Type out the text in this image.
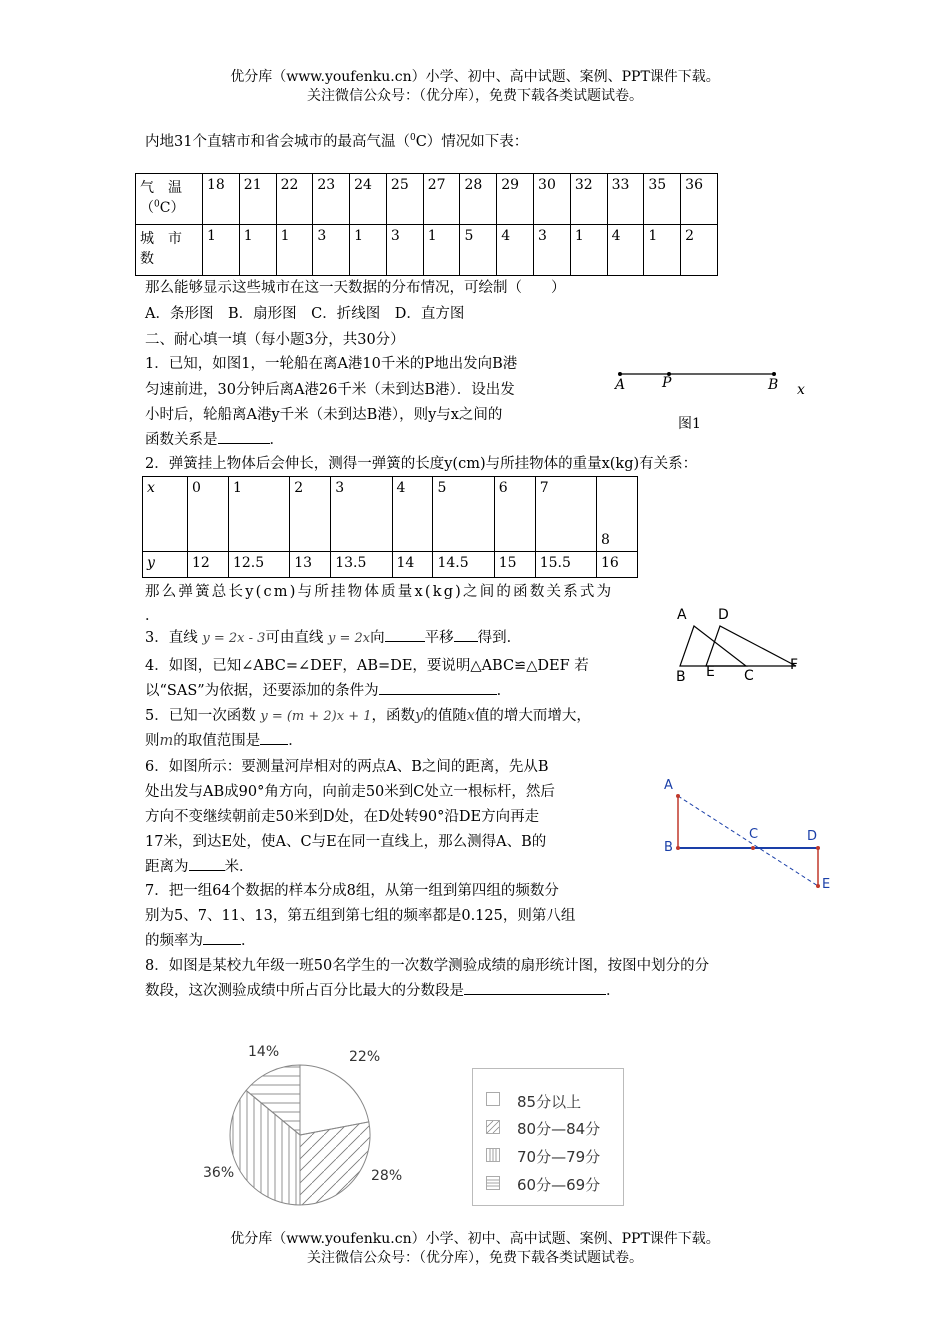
优分库（www.youfenku.cn）小学、初中、高中试题、案例、PPT课件下载。
关注微信公众号：（优分库），免费下载各类试题试卷。
内地31个直辖市和省会城市的最高气温（$^0$C）情况如下表：
气　温
（$^0$C）	18	21	22	23	24	25	27	28	29	30	32	33	35	36
城　市
数	1	1	1	3	1	3	1	5	4	3	1	4	1	2
那么能够显示这些城市在这一天数据的分布情况，可绘制（　　）
A．条形图　B．扇形图　C．折线图　D．直方图
二、耐心填一填（每小题3分，共30分）
1．已知，如图1，一轮船在离A港10千米的P地出发向B港
匀速前进，30分钟后离A港26千米（未到达B港）．设出发
小时后，轮船离A港y千米（未到达B港），则y与x之间的
函数关系是	．
A	P	B x
图1
2．弹簧挂上物体后会伸长，测得一弹簧的长度y(cm)与所挂物体的重量x(kg)有关系：
x	0	1	2	3	4	5	6	7	8
y	12	12.5	13	13.5	14	14.5	15	15.5	16
那么弹簧总长y(cm)与所挂物体质量x(kg)之间的函数关系式为
．
3．直线 y = 2x - 3可由直线 y = 2x向	平移 得到．
4．如图，已知∠ABC=∠DEF，AB=DE，要说明△ABC≌△DEF 若
以“SAS”为依据，还要添加的条件为	．
A D
B E C
F
5．已知一次函数 y = (m + 2)x + 1，函数y的值随x值的增大而增大，
则m的取值范围是 ．
6．如图所示：要测量河岸相对的两点A、B之间的距离，先从B
处出发与AB成90°角方向，向前走50米到C处立一根标杆，然后
方向不变继续朝前走50米到D处，在D处转90°沿DE方向再走
17米，到达E处，使A、C与E在同一直线上，那么测得A、B的
距离为 米．
A
B
C	D
E
7．把一组64个数据的样本分成8组，从第一组到第四组的频数分
别为5、7、11、13，第五组到第七组的频率都是0.125，则第八组
的频率为	．
8．如图是某校九年级一班50名学生的一次数学测验成绩的扇形统计图，按图中划分的分
数段，这次测验成绩中所占百分比最大的分数段是	．
14%	22%
36%	28%
85分以上
80分—84分
70分—79分
60分—69分
优分库（www.youfenku.cn）小学、初中、高中试题、案例、PPT课件下载。
关注微信公众号：（优分库），免费下载各类试题试卷。
